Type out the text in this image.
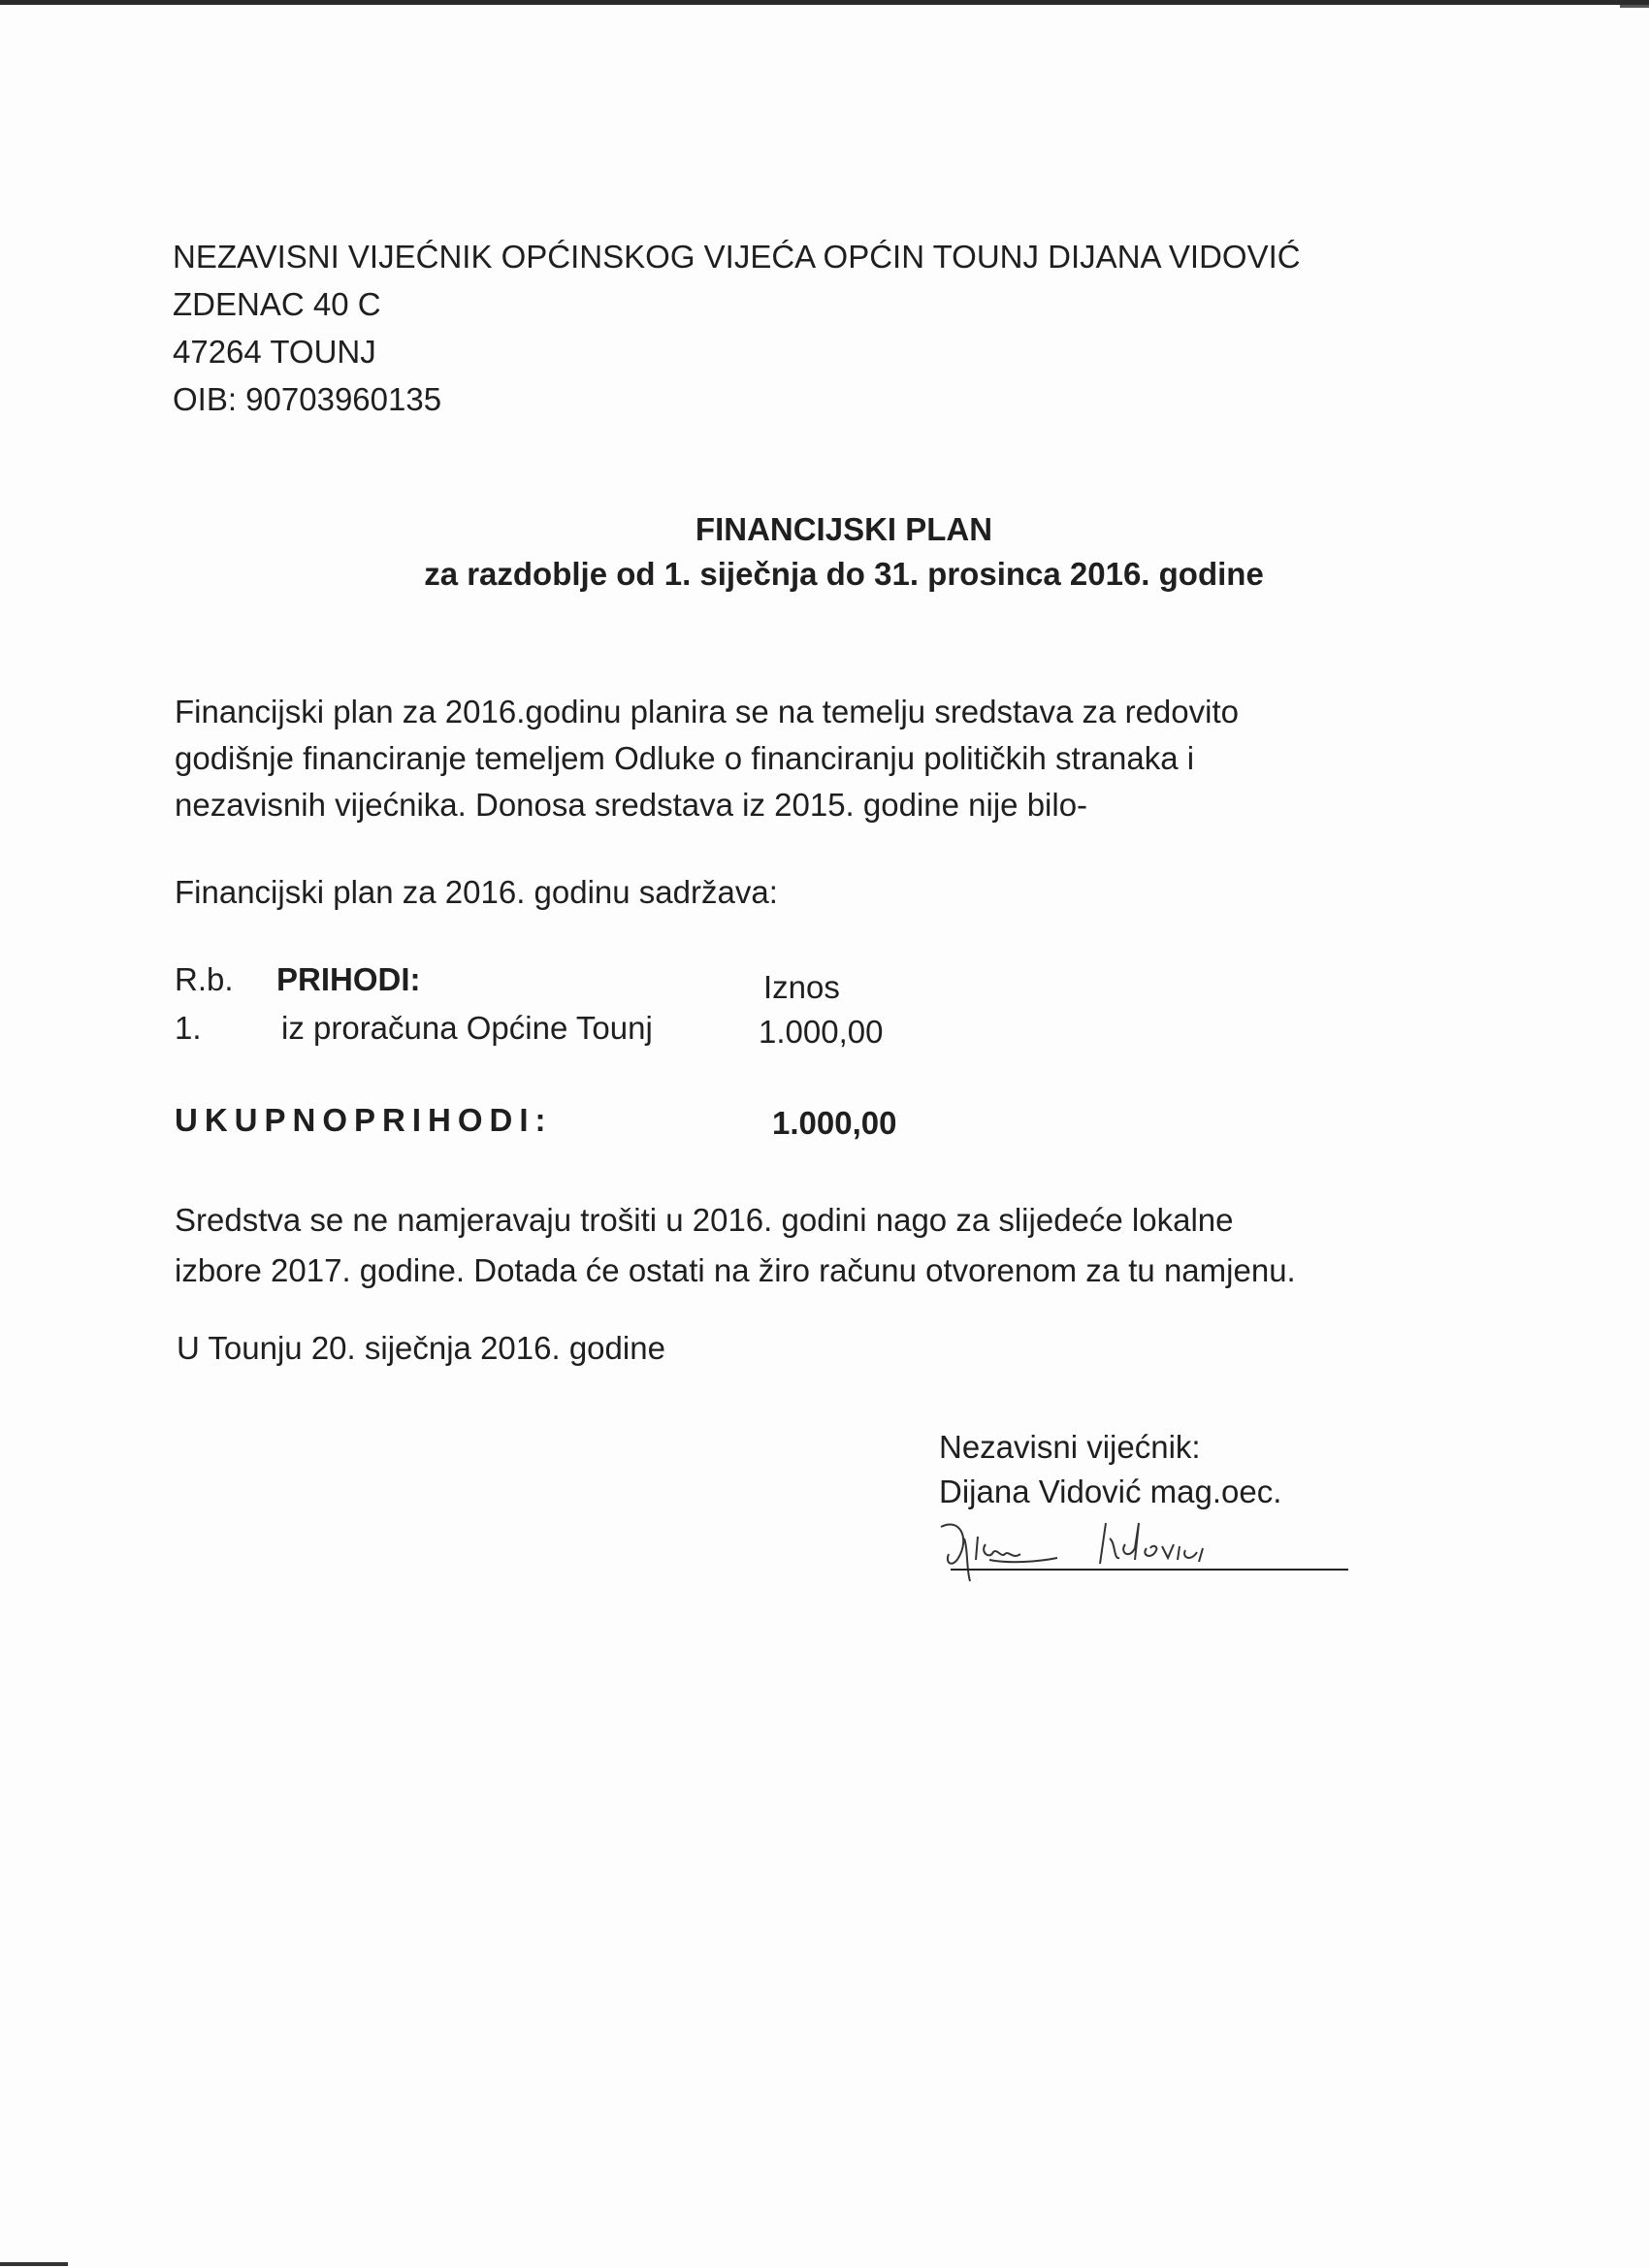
NEZAVISNI VIJEĆNIK OPĆINSKOG VIJEĆA OPĆIN TOUNJ DIJANA VIDOVIĆ
ZDENAC 40 C
47264 TOUNJ
OIB: 90703960135
FINANCIJSKI PLAN
za razdoblje od 1. siječnja do 31. prosinca 2016. godine
Financijski plan za 2016.godinu planira se na temelju sredstava za redovito
godišnje financiranje temeljem Odluke o financiranju političkih stranaka i
nezavisnih vijećnika. Donosa sredstava iz 2015. godine nije bilo-
Financijski plan za 2016. godinu sadržava:
R.b. PRIHODI:	Iznos
1. iz proračuna Općine Tounj	1.000,00
UKUPNOPRIHODI:	1.000,00
Sredstva se ne namjeravaju trošiti u 2016. godini nago za slijedeće lokalne
izbore 2017. godine. Dotada će ostati na žiro računu otvorenom za tu namjenu.
U Tounju 20. siječnja 2016. godine
Nezavisni vijećnik:
Dijana Vidović mag.oec.
